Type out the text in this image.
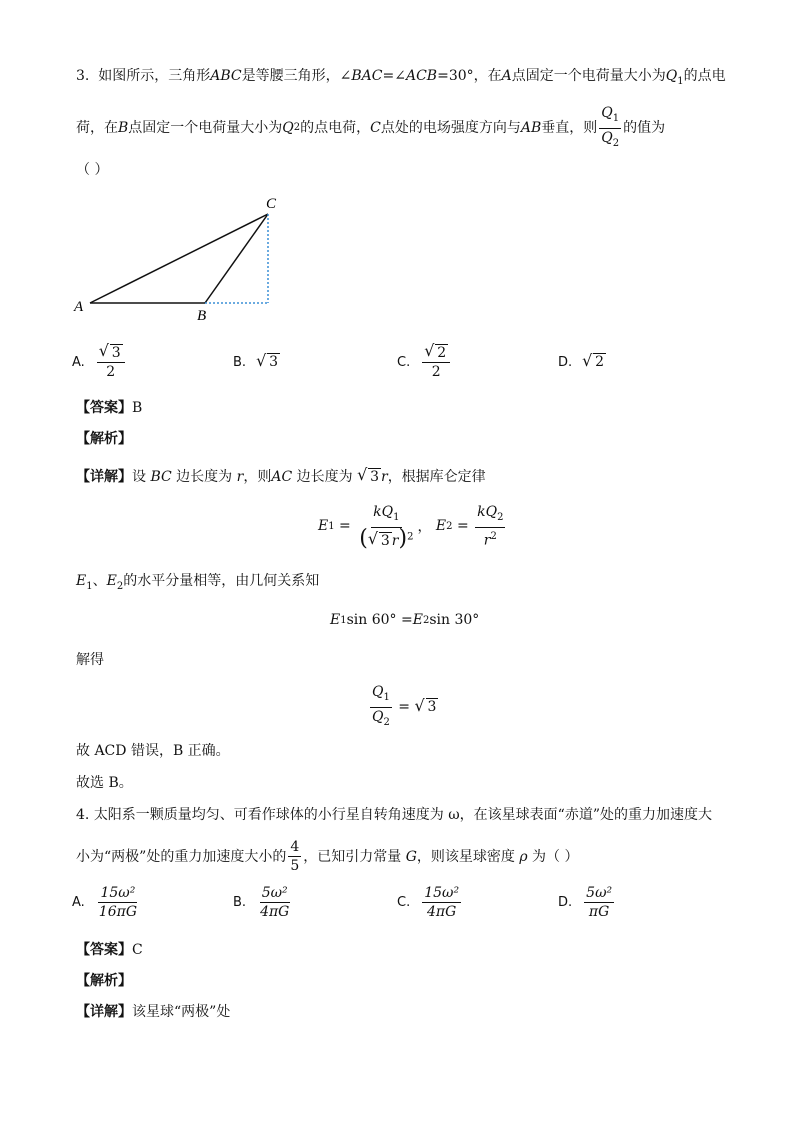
3. 如图所示，三角形ABC是等腰三角形，∠BAC=∠ACB=30°，在A点固定一个电荷量大小为$Q_1$的点电
荷，在 B 点固定一个电荷量大小为 Q 2 的点电荷， C 点处的电场强度方向与 AB 垂直，则 $\frac{Q_1}{Q_2}$ 的值为
（ ）
A
B
C
A. √ $\frac{3}{2}$	B.	√ 3	C. √ $\frac{2}{2}$	D.	√ 2
【答案】B
【解析】
【详解】 设
BC
边长度为
r ，则 AC
边长度为
	√ 3 r ，根据库仑定律
E $1 = \frac{kQ_1}{( √ 3 r)^2}$ ， E $2 = \frac{kQ_2}{r^2}$
$E_1$、$E_2$的水平分量相等，由几何关系知
E 1 sin 60° = E 2 sin 30°
解得
$\frac{Q_1}{Q_2}$ = √ 3
故 ACD 错误，B 正确。
故选 B。
4. 太阳系一颗质量均匀、可看作球体的小行星自转角速度为 ω，在该星球表面“赤道”处的重力加速度大
小为“两极”处的重力加速度大小的 $\frac{4}{5}$ ，已知引力常量
G ，则该星球密度
ρ
为（ ）
A. $\frac{\text{15ω²}}{16\pi G}$	B. $\frac{\text{5ω²}}{4\pi G}$	C. $\frac{\text{15ω²}}{4\pi G}$	D. $\frac{\text{5ω²}}{\pi G}$
【答案】C
【解析】
【详解】该星球“两极”处
